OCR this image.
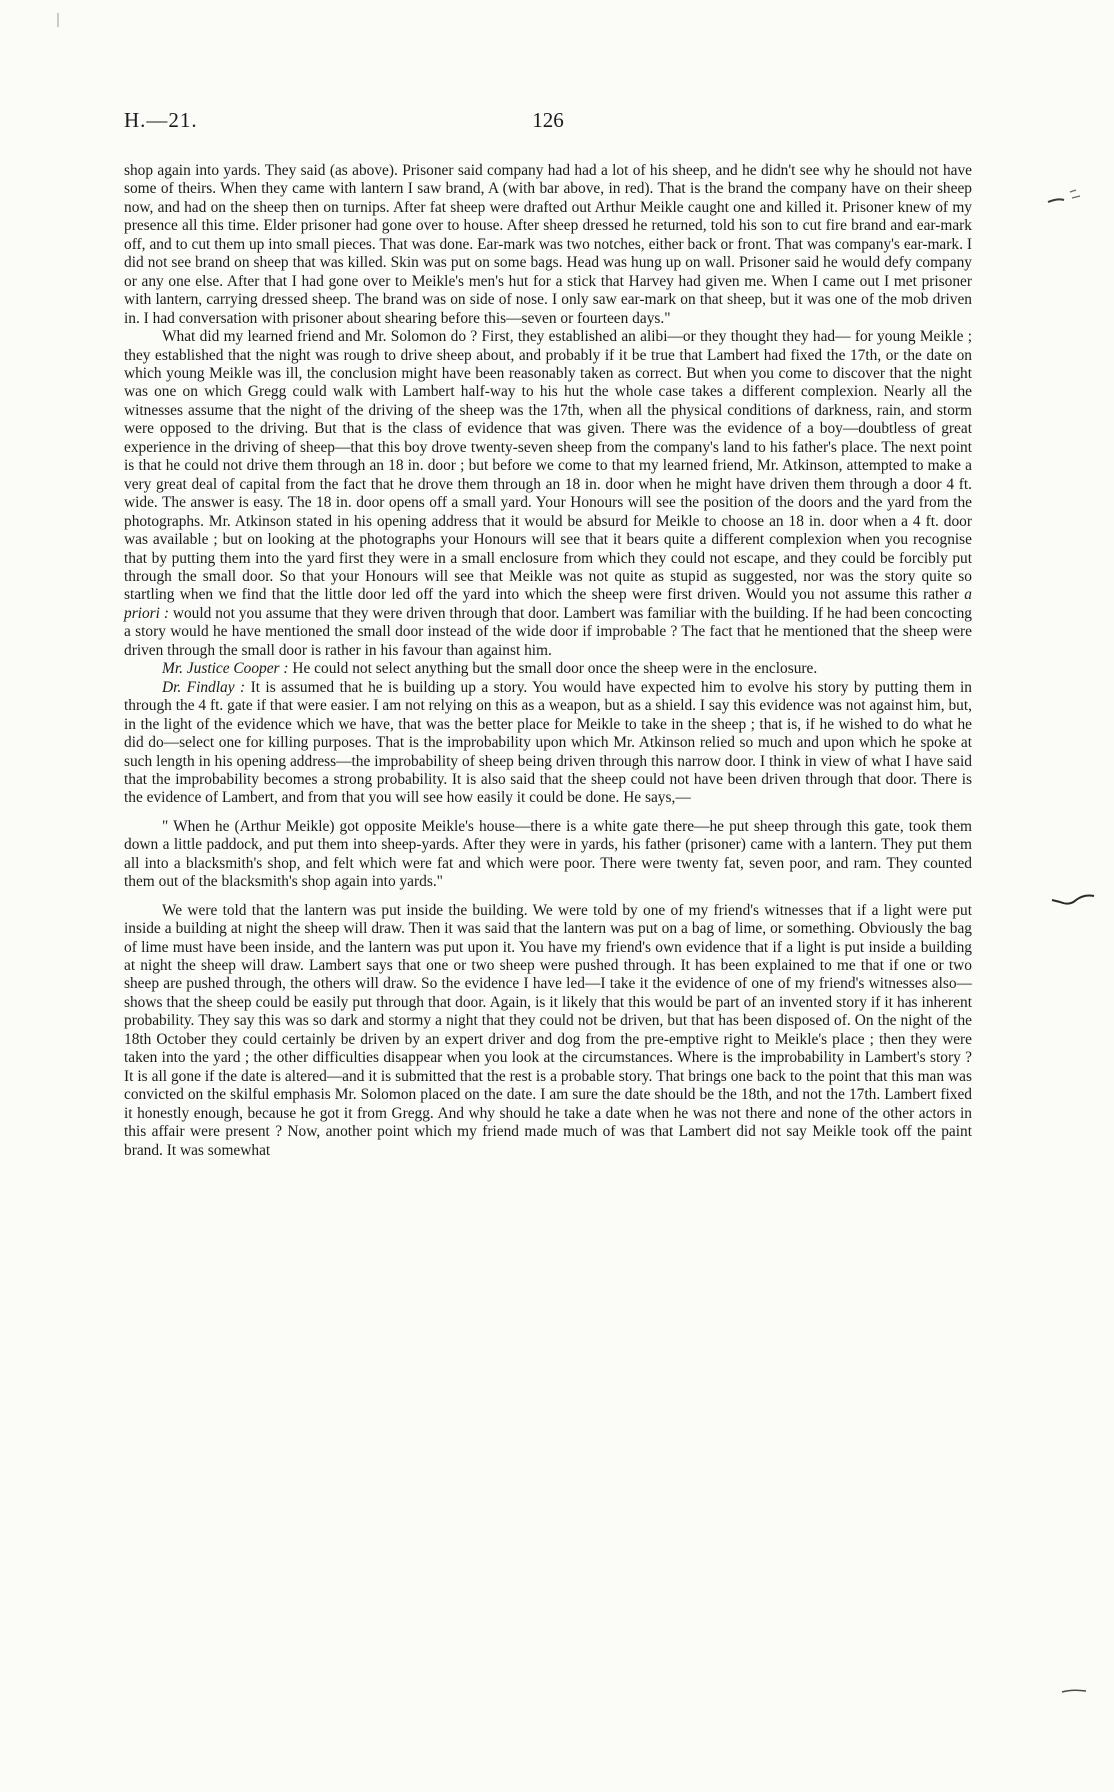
H.—21.	126

shop again into yards. They said (as above). Prisoner said company had had a lot of his sheep, and he didn't see why he should not have some of theirs. When they came with lantern I saw brand, A (with bar above, in red). That is the brand the company have on their sheep now, and had on the sheep then on turnips. After fat sheep were drafted out Arthur Meikle caught one and killed it. Prisoner knew of my presence all this time. Elder prisoner had gone over to house. After sheep dressed he returned, told his son to cut fire brand and ear-mark off, and to cut them up into small pieces. That was done. Ear-mark was two notches, either back or front. That was company's ear-mark. I did not see brand on sheep that was killed. Skin was put on some bags. Head was hung up on wall. Prisoner said he would defy company or any one else. After that I had gone over to Meikle's men's hut for a stick that Harvey had given me. When I came out I met prisoner with lantern, carrying dressed sheep. The brand was on side of nose. I only saw ear-mark on that sheep, but it was one of the mob driven in. I had conversation with prisoner about shearing before this—seven or fourteen days."

What did my learned friend and Mr. Solomon do ? First, they established an alibi—or they thought they had— for young Meikle ; they established that the night was rough to drive sheep about, and probably if it be true that Lambert had fixed the 17th, or the date on which young Meikle was ill, the conclusion might have been reasonably taken as correct. But when you come to discover that the night was one on which Gregg could walk with Lambert half-way to his hut the whole case takes a different complexion. Nearly all the witnesses assume that the night of the driving of the sheep was the 17th, when all the physical conditions of darkness, rain, and storm were opposed to the driving. But that is the class of evidence that was given. There was the evidence of a boy—doubtless of great experience in the driving of sheep—that this boy drove twenty-seven sheep from the company's land to his father's place. The next point is that he could not drive them through an 18 in. door ; but before we come to that my learned friend, Mr. Atkinson, attempted to make a very great deal of capital from the fact that he drove them through an 18 in. door when he might have driven them through a door 4 ft. wide. The answer is easy. The 18 in. door opens off a small yard. Your Honours will see the position of the doors and the yard from the photographs. Mr. Atkinson stated in his opening address that it would be absurd for Meikle to choose an 18 in. door when a 4 ft. door was available ; but on looking at the photographs your Honours will see that it bears quite a different complexion when you recognise that by putting them into the yard first they were in a small enclosure from which they could not escape, and they could be forcibly put through the small door. So that your Honours will see that Meikle was not quite as stupid as suggested, nor was the story quite so startling when we find that the little door led off the yard into which the sheep were first driven. Would you not assume this rather a priori : would not you assume that they were driven through that door. Lambert was familiar with the building. If he had been concocting a story would he have mentioned the small door instead of the wide door if improbable ? The fact that he mentioned that the sheep were driven through the small door is rather in his favour than against him.

Mr. Justice Cooper : He could not select anything but the small door once the sheep were in the enclosure.

Dr. Findlay : It is assumed that he is building up a story. You would have expected him to evolve his story by putting them in through the 4 ft. gate if that were easier. I am not relying on this as a weapon, but as a shield. I say this evidence was not against him, but, in the light of the evidence which we have, that was the better place for Meikle to take in the sheep ; that is, if he wished to do what he did do—select one for killing purposes. That is the improbability upon which Mr. Atkinson relied so much and upon which he spoke at such length in his opening address—the improbability of sheep being driven through this narrow door. I think in view of what I have said that the improbability becomes a strong probability. It is also said that the sheep could not have been driven through that door. There is the evidence of Lambert, and from that you will see how easily it could be done. He says,—

" When he (Arthur Meikle) got opposite Meikle's house—there is a white gate there—he put sheep through this gate, took them down a little paddock, and put them into sheep-yards. After they were in yards, his father (prisoner) came with a lantern. They put them all into a blacksmith's shop, and felt which were fat and which were poor. There were twenty fat, seven poor, and ram. They counted them out of the blacksmith's shop again into yards."

We were told that the lantern was put inside the building. We were told by one of my friend's witnesses that if a light were put inside a building at night the sheep will draw. Then it was said that the lantern was put on a bag of lime, or something. Obviously the bag of lime must have been inside, and the lantern was put upon it. You have my friend's own evidence that if a light is put inside a building at night the sheep will draw. Lambert says that one or two sheep were pushed through. It has been explained to me that if one or two sheep are pushed through, the others will draw. So the evidence I have led—I take it the evidence of one of my friend's witnesses also—shows that the sheep could be easily put through that door. Again, is it likely that this would be part of an invented story if it has inherent probability. They say this was so dark and stormy a night that they could not be driven, but that has been disposed of. On the night of the 18th October they could certainly be driven by an expert driver and dog from the pre-emptive right to Meikle's place ; then they were taken into the yard ; the other difficulties disappear when you look at the circumstances. Where is the improbability in Lambert's story ? It is all gone if the date is altered—and it is submitted that the rest is a probable story. That brings one back to the point that this man was convicted on the skilful emphasis Mr. Solomon placed on the date. I am sure the date should be the 18th, and not the 17th. Lambert fixed it honestly enough, because he got it from Gregg. And why should he take a date when he was not there and none of the other actors in this affair were present ? Now, another point which my friend made much of was that Lambert did not say Meikle took off the paint brand. It was somewhat
